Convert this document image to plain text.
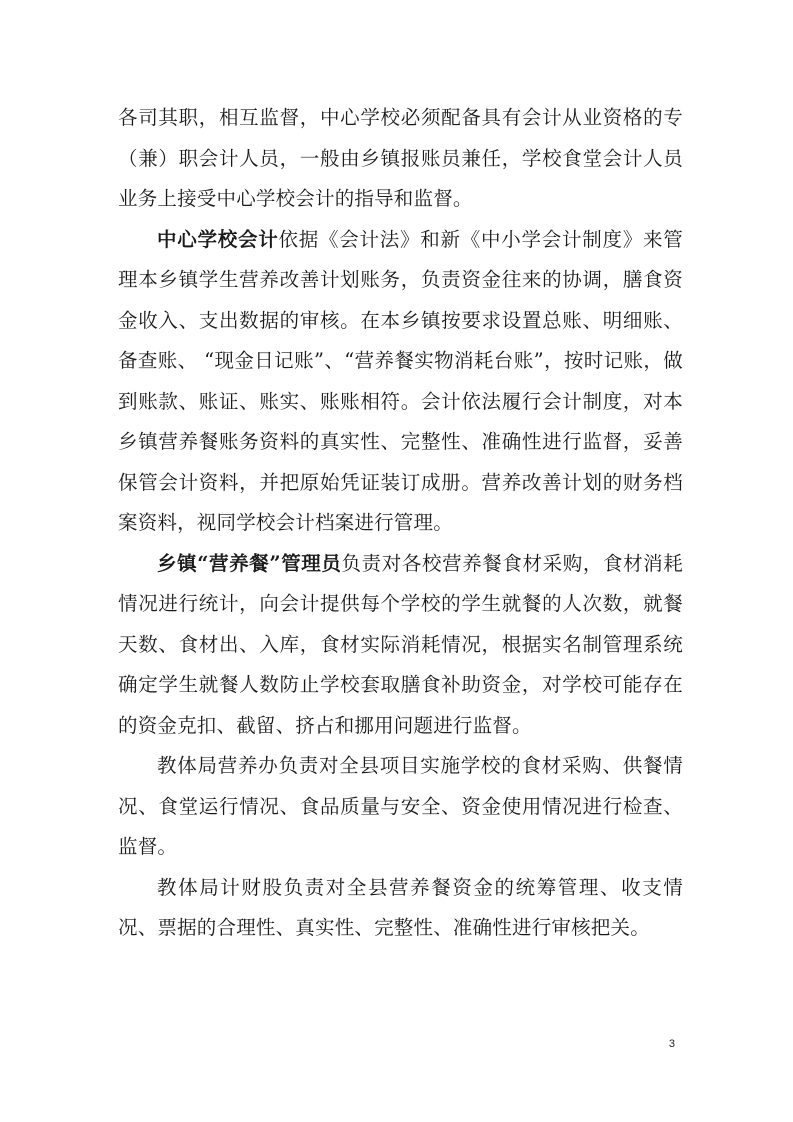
各司其职，相互监督，中心学校必须配备具有会计从业资格的专（兼）职会计人员，一般由乡镇报账员兼任，学校食堂会计人员业务上接受中心学校会计的指导和监督。

中心学校会计依据《会计法》和新《中小学会计制度》来管理本乡镇学生营养改善计划账务，负责资金往来的协调，膳食资金收入、支出数据的审核。在本乡镇按要求设置总账、明细账、备查账、 “现金日记账”、“营养餐实物消耗台账”，按时记账，做到账款、账证、账实、账账相符。会计依法履行会计制度，对本乡镇营养餐账务资料的真实性、完整性、准确性进行监督，妥善保管会计资料，并把原始凭证装订成册。营养改善计划的财务档案资料，视同学校会计档案进行管理。

乡镇“营养餐”管理员负责对各校营养餐食材采购，食材消耗情况进行统计，向会计提供每个学校的学生就餐的人次数，就餐天数、食材出、入库，食材实际消耗情况，根据实名制管理系统确定学生就餐人数防止学校套取膳食补助资金，对学校可能存在的资金克扣、截留、挤占和挪用问题进行监督。

教体局营养办负责对全县项目实施学校的食材采购、供餐情况、食堂运行情况、食品质量与安全、资金使用情况进行检查、监督。

教体局计财股负责对全县营养餐资金的统筹管理、收支情况、票据的合理性、真实性、完整性、准确性进行审核把关。

3
